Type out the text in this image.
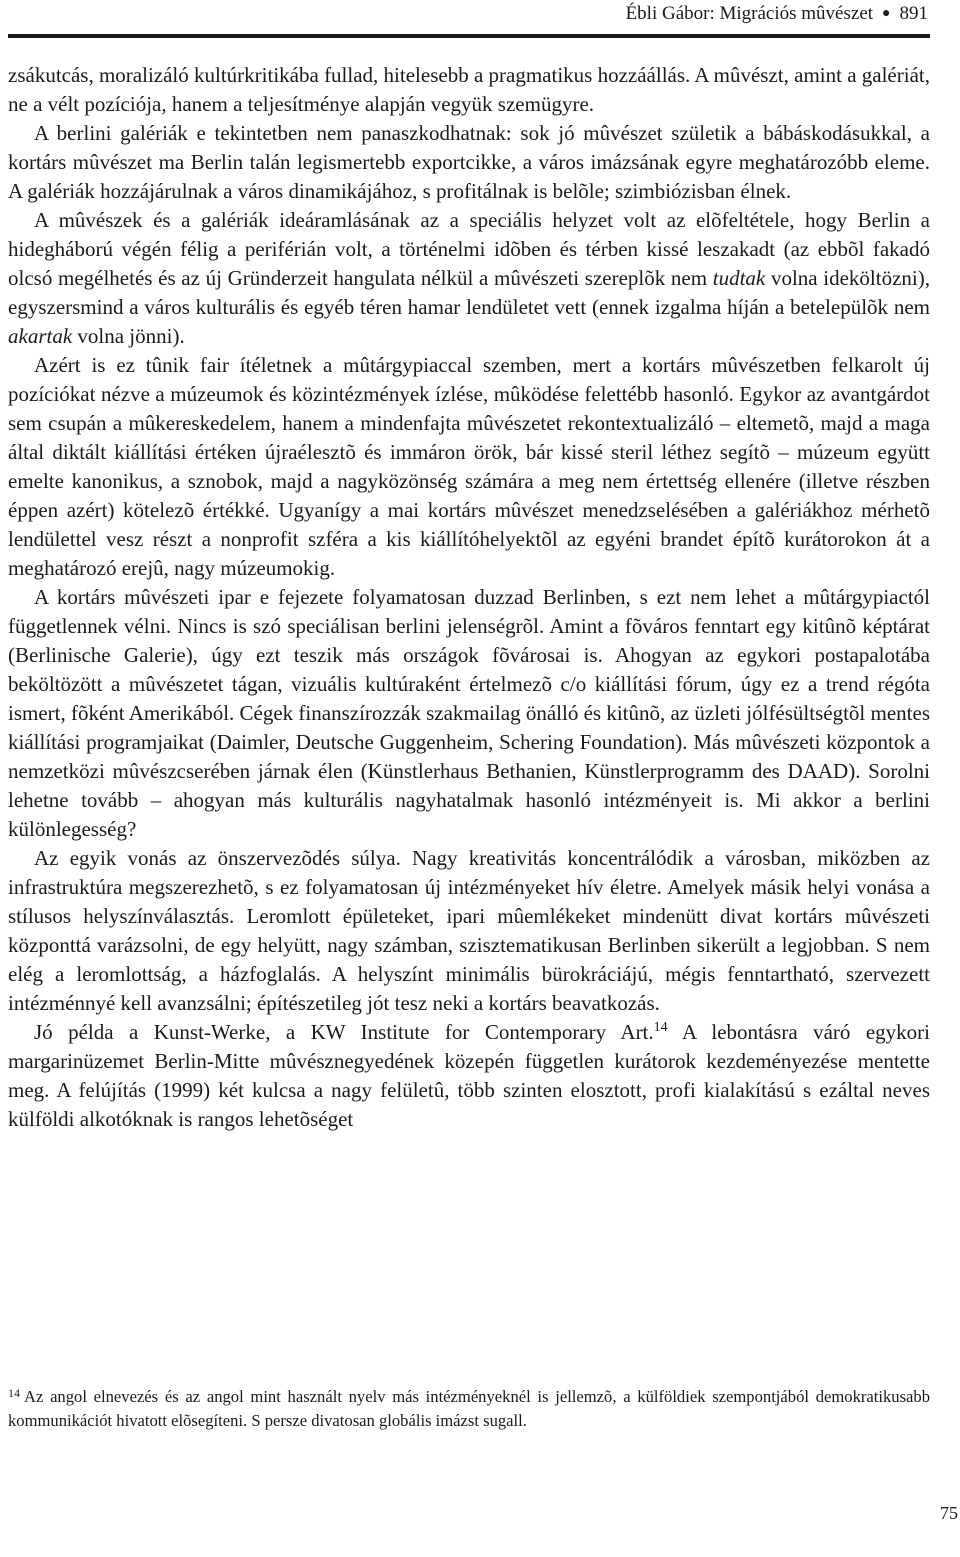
Ébli Gábor: Migrációs mûvészet ● 891

zsákutcás, moralizáló kultúrkritikába fullad, hitelesebb a pragmatikus hozzáállás. A mûvészt, amint a galériát, ne a vélt pozíciója, hanem a teljesítménye alapján vegyük szemügyre.

A berlini galériák e tekintetben nem panaszkodhatnak: sok jó mûvészet születik a bábáskodásukkal, a kortárs mûvészet ma Berlin talán legismertebb exportcikke, a város imázsának egyre meghatározóbb eleme. A galériák hozzájárulnak a város dinamikájához, s profitálnak is belõle; szimbiózisban élnek.

A mûvészek és a galériák ideáramlásának az a speciális helyzet volt az elõfeltétele, hogy Berlin a hidegháború végén félig a periférián volt, a történelmi idõben és térben kissé leszakadt (az ebbõl fakadó olcsó megélhetés és az új Gründerzeit hangulata nélkül a mûvészeti szereplõk nem tudtak volna ideköltözni), egyszersmind a város kulturális és egyéb téren hamar lendületet vett (ennek izgalma híján a betelepülõk nem akartak volna jönni).

Azért is ez tûnik fair ítéletnek a mûtárgypiaccal szemben, mert a kortárs mûvészetben felkarolt új pozíciókat nézve a múzeumok és közintézmények ízlése, mûködése felettébb hasonló. Egykor az avantgárdot sem csupán a mûkereskedelem, hanem a mindenfajta mûvészetet rekontextualizáló – eltemetõ, majd a maga által diktált kiállítási értéken újraélesztõ és immáron örök, bár kissé steril léthez segítõ – múzeum együtt emelte kanonikus, a sznobok, majd a nagyközönség számára a meg nem értettség ellenére (illetve részben éppen azért) kötelezõ értékké. Ugyanígy a mai kortárs mûvészet menedzselésében a galériákhoz mérhetõ lendülettel vesz részt a nonprofit szféra a kis kiállítóhelyektõl az egyéni brandet építõ kurátorokon át a meghatározó erejû, nagy múzeumokig.

A kortárs mûvészeti ipar e fejezete folyamatosan duzzad Berlinben, s ezt nem lehet a mûtárgypiactól függetlennek vélni. Nincs is szó speciálisan berlini jelenségrõl. Amint a fõváros fenntart egy kitûnõ képtárat (Berlinische Galerie), úgy ezt teszik más országok fõvárosai is. Ahogyan az egykori postapalotába beköltözött a mûvészetet tágan, vizuális kultúraként értelmezõ c/o kiállítási fórum, úgy ez a trend régóta ismert, fõként Amerikából. Cégek finanszírozzák szakmailag önálló és kitûnõ, az üzleti jólfésültségtõl mentes kiállítási programjaikat (Daimler, Deutsche Guggenheim, Schering Foundation). Más mûvészeti központok a nemzetközi mûvészcserében járnak élen (Künstlerhaus Bethanien, Künstlerprogramm des DAAD). Sorolni lehetne tovább – ahogyan más kulturális nagyhatalmak hasonló intézményeit is. Mi akkor a berlini különlegesség?

Az egyik vonás az önszervezõdés súlya. Nagy kreativitás koncentrálódik a városban, miközben az infrastruktúra megszerezhetõ, s ez folyamatosan új intézményeket hív életre. Amelyek másik helyi vonása a stílusos helyszínválasztás. Leromlott épületeket, ipari mûemlékeket mindenütt divat kortárs mûvészeti központtá varázsolni, de egy helyütt, nagy számban, szisztematikusan Berlinben sikerült a legjobban. S nem elég a leromlottság, a házfoglalás. A helyszínt minimális bürokráciájú, mégis fenntartható, szervezett intézménnyé kell avanzsálni; építészetileg jót tesz neki a kortárs beavatkozás.

Jó példa a Kunst-Werke, a KW Institute for Contemporary Art.$^{14}$ A lebontásra váró egykori margarinüzemet Berlin-Mitte mûvésznegyedének közepén független kurátorok kezdeményezése mentette meg. A felújítás (1999) két kulcsa a nagy felületû, több szinten elosztott, profi kialakítású s ezáltal neves külföldi alkotóknak is rangos lehetõséget

$^{14}$ Az angol elnevezés és az angol mint használt nyelv más intézményeknél is jellemzõ, a külföldiek szempontjából demokratikusabb kommunikációt hivatott elõsegíteni. S persze divatosan globális imázst sugall.
75
